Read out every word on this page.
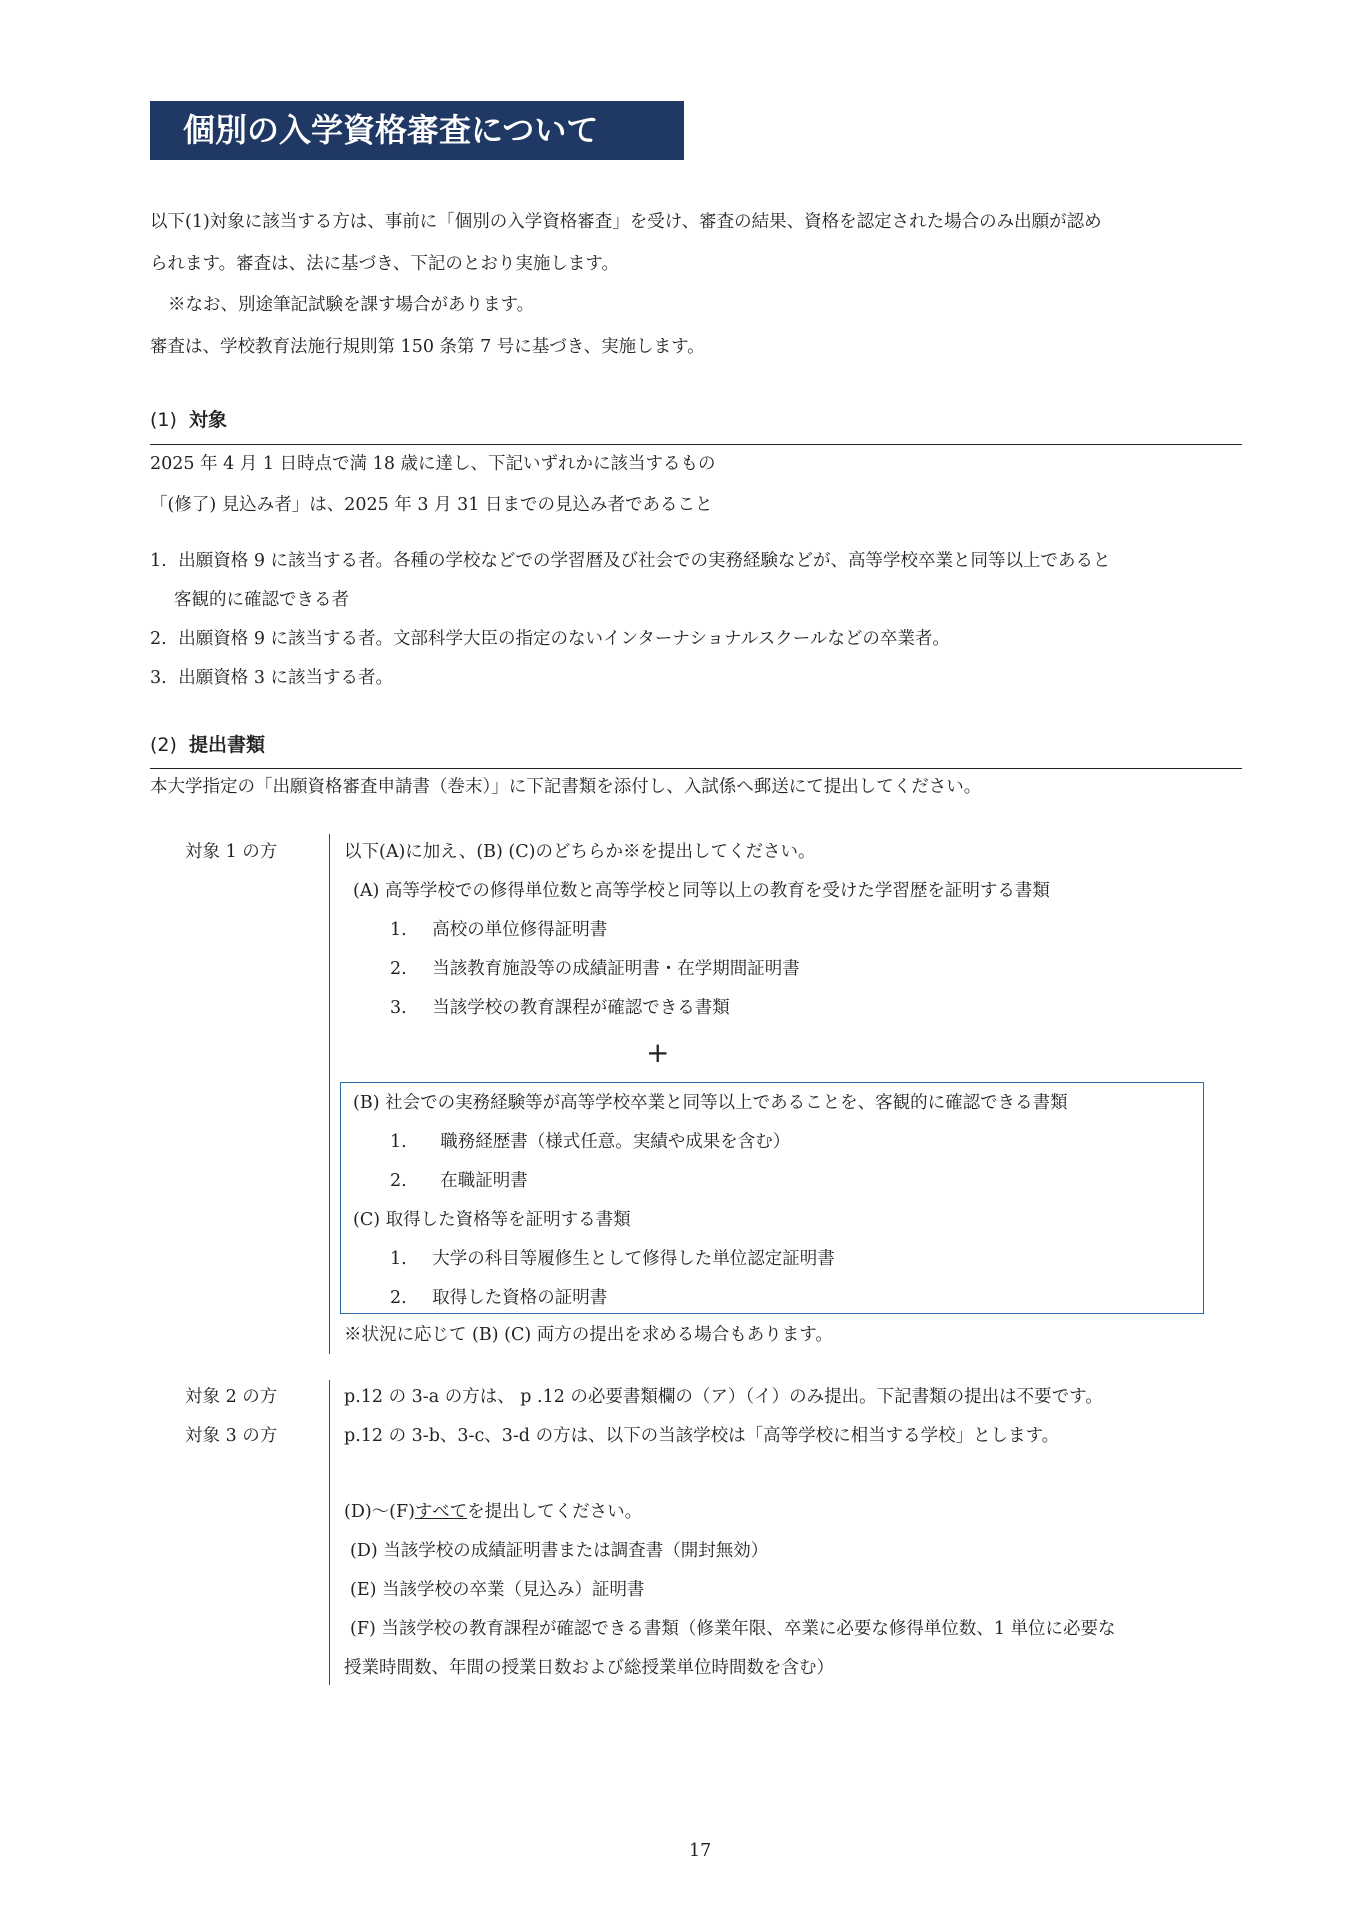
個別の入学資格審査について
以下(1)対象に該当する方は、事前に「個別の入学資格審査」を受け、審査の結果、資格を認定された場合のみ出願が認め
られます。審査は、法に基づき、下記のとおり実施します。
※なお、別途筆記試験を課す場合があります。
審査は、学校教育法施行規則第 150 条第 7 号に基づき、実施します。
(1) 対象
2025 年 4 月 1 日時点で満 18 歳に達し、下記いずれかに該当するもの
「(修了) 見込み者」は、2025 年 3 月 31 日までの見込み者であること
1. 出願資格 9 に該当する者。各種の学校などでの学習暦及び社会での実務経験などが、高等学校卒業と同等以上であると
客観的に確認できる者
2. 出願資格 9 に該当する者。文部科学大臣の指定のないインターナショナルスクールなどの卒業者。
3. 出願資格 3 に該当する者。
(2) 提出書類
本大学指定の「出願資格審査申請書（巻末）」に下記書類を添付し、入試係へ郵送にて提出してください。
対象 1 の方	以下(A)に加え、(B) (C)のどちらか※を提出してください。
(A) 高等学校での修得単位数と高等学校と同等以上の教育を受けた学習歴を証明する書類
1. 高校の単位修得証明書
2. 当該教育施設等の成績証明書・在学期間証明書
3. 当該学校の教育課程が確認できる書類
+
(B) 社会での実務経験等が高等学校卒業と同等以上であることを、客観的に確認できる書類
1. 職務経歴書（様式任意。実績や成果を含む）
2. 在職証明書
(C) 取得した資格等を証明する書類
1. 大学の科目等履修生として修得した単位認定証明書
2. 取得した資格の証明書
※状況に応じて (B) (C) 両方の提出を求める場合もあります。
対象 2 の方	p.12 の 3-a の方は、 p .12 の必要書類欄の（ア）（イ）のみ提出。下記書類の提出は不要です。
対象 3 の方	p.12 の 3-b、3-c、3-d の方は、以下の当該学校は「高等学校に相当する学校」とします。
(D)～(F)すべてを提出してください。
(D) 当該学校の成績証明書または調査書（開封無効）
(E) 当該学校の卒業（見込み）証明書
(F) 当該学校の教育課程が確認できる書類（修業年限、卒業に必要な修得単位数、1 単位に必要な
授業時間数、年間の授業日数および総授業単位時間数を含む）
17
